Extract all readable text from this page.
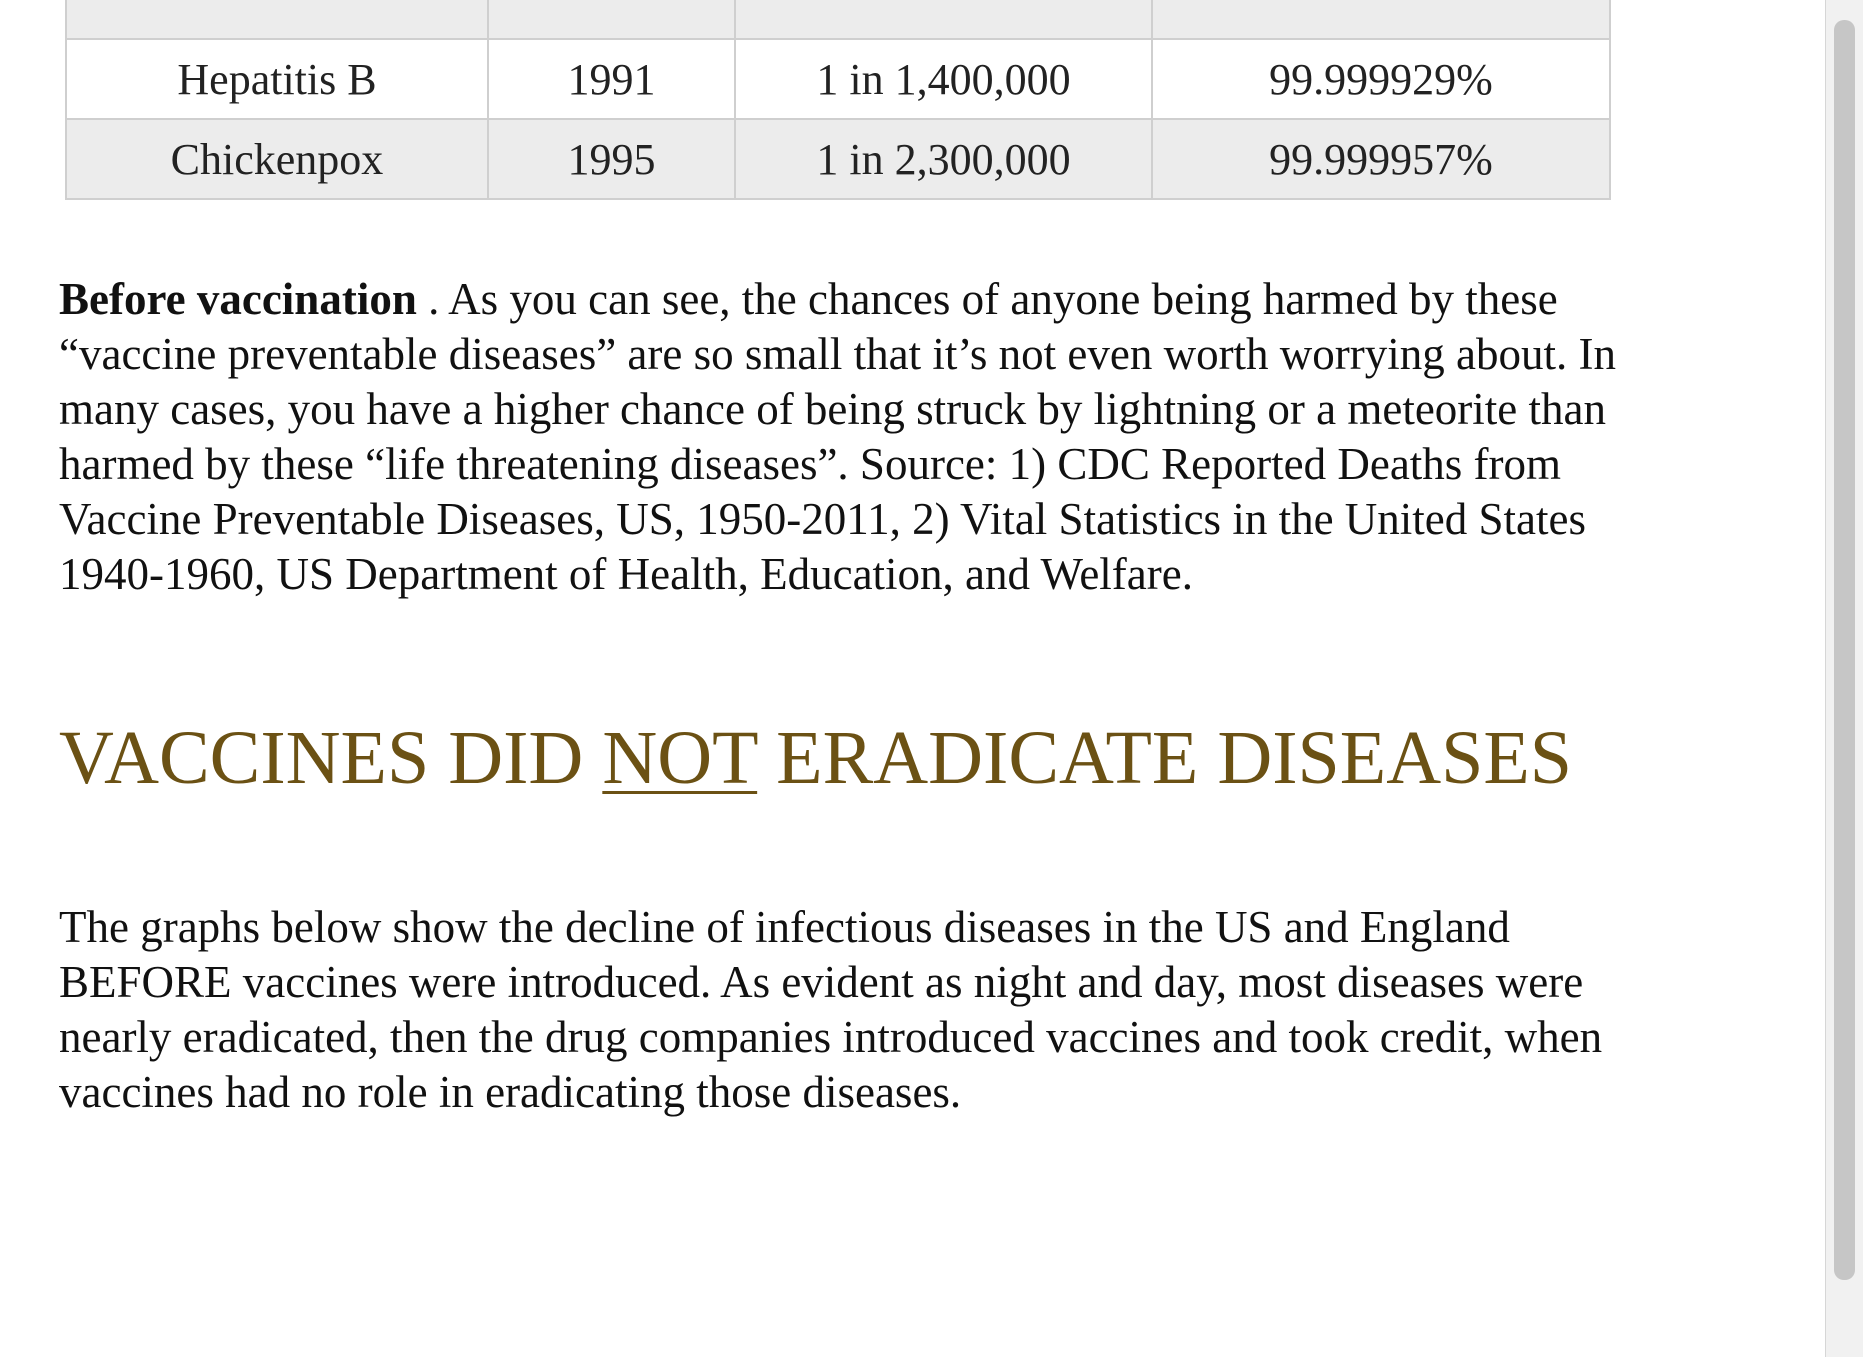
Hepatitis B	1991	1 in 1,400,000	99.999929%
Chickenpox	1995	1 in 2,300,000	99.999957%

Before vaccination . As you can see, the chances of anyone being harmed by these “vaccine preventable diseases” are so small that it’s not even worth worrying about. In many cases, you have a higher chance of being struck by lightning or a meteorite than harmed by these “life threatening diseases”. Source: 1) CDC Reported Deaths from Vaccine Preventable Diseases, US, 1950-2011, 2) Vital Statistics in the United States 1940-1960, US Department of Health, Education, and Welfare.

VACCINES DID NOT ERADICATE DISEASES

The graphs below show the decline of infectious diseases in the US and England BEFORE vaccines were introduced. As evident as night and day, most diseases were nearly eradicated, then the drug companies introduced vaccines and took credit, when vaccines had no role in eradicating those diseases.
